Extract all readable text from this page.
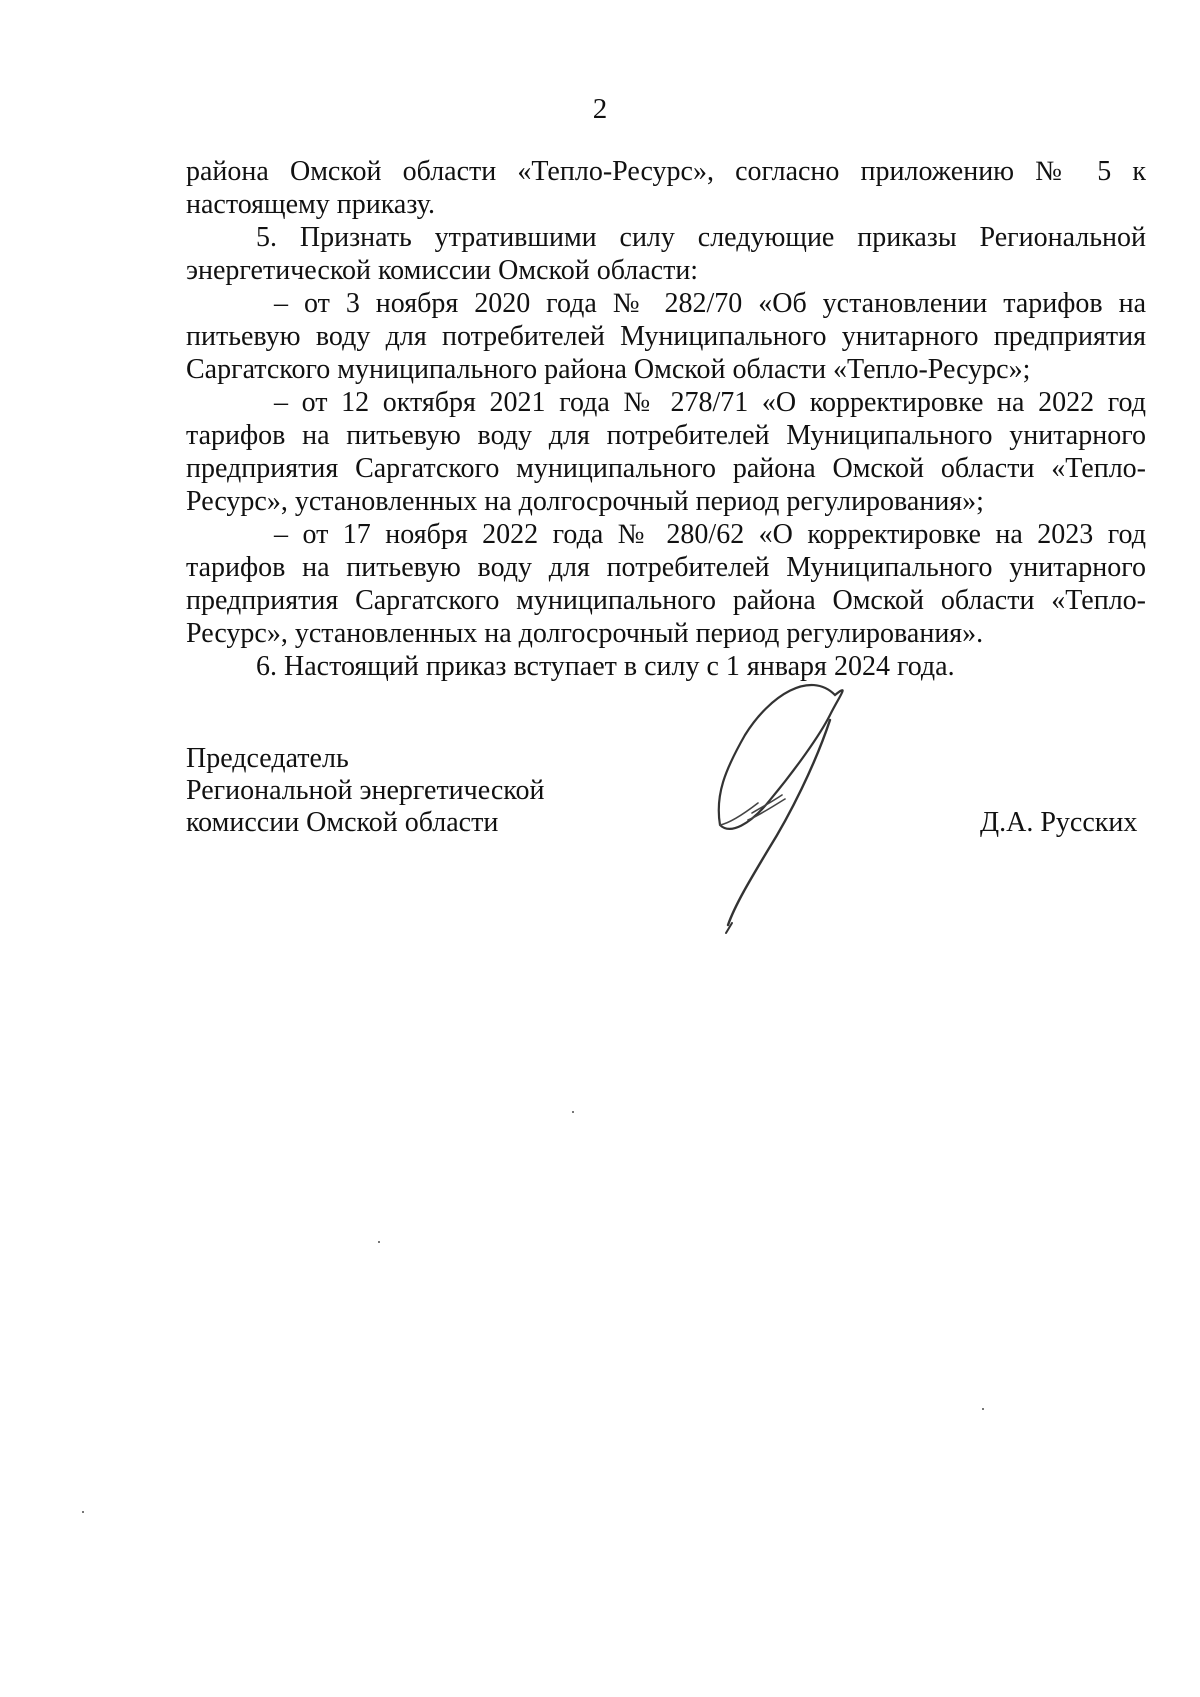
2

района Омской области «Тепло-Ресурс», согласно приложению № 5 к настоящему приказу.

5. Признать утратившими силу следующие приказы Региональной энергетической комиссии Омской области:

– от 3 ноября 2020 года № 282/70 «Об установлении тарифов на питьевую воду для потребителей Муниципального унитарного предприятия Саргатского муниципального района Омской области «Тепло-Ресурс»;

– от 12 октября 2021 года № 278/71 «О корректировке на 2022 год тарифов на питьевую воду для потребителей Муниципального унитарного предприятия Саргатского муниципального района Омской области «Тепло-Ресурс», установленных на долгосрочный период регулирования»;

– от 17 ноября 2022 года № 280/62 «О корректировке на 2023 год тарифов на питьевую воду для потребителей Муниципального унитарного предприятия Саргатского муниципального района Омской области «Тепло-Ресурс», установленных на долгосрочный период регулирования».

6. Настоящий приказ вступает в силу с 1 января 2024 года.

Председатель
Региональной энергетической
комиссии Омской области	Д.А. Русских
